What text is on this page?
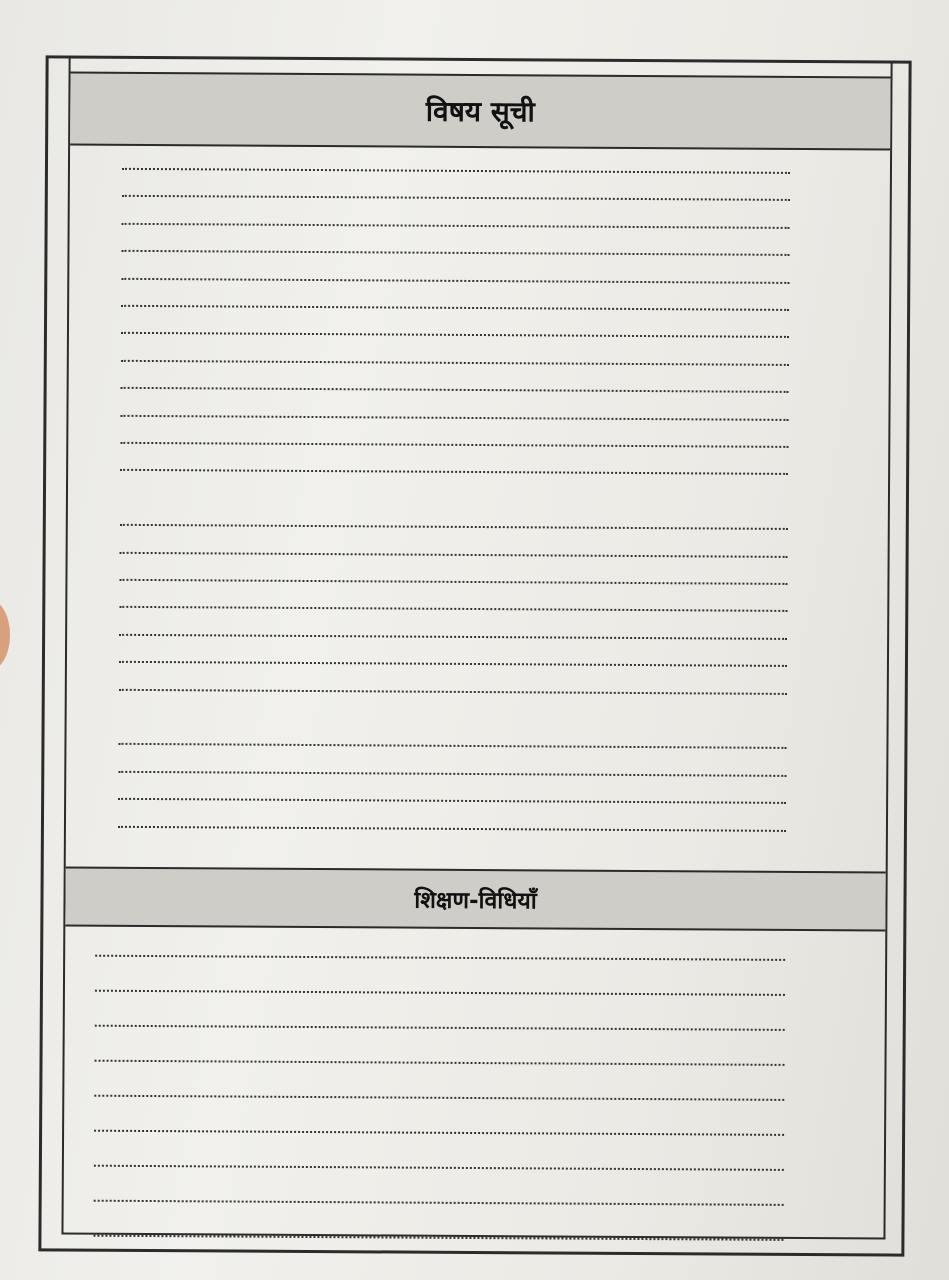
विषय सूची
शिक्षण-विधियाँ
